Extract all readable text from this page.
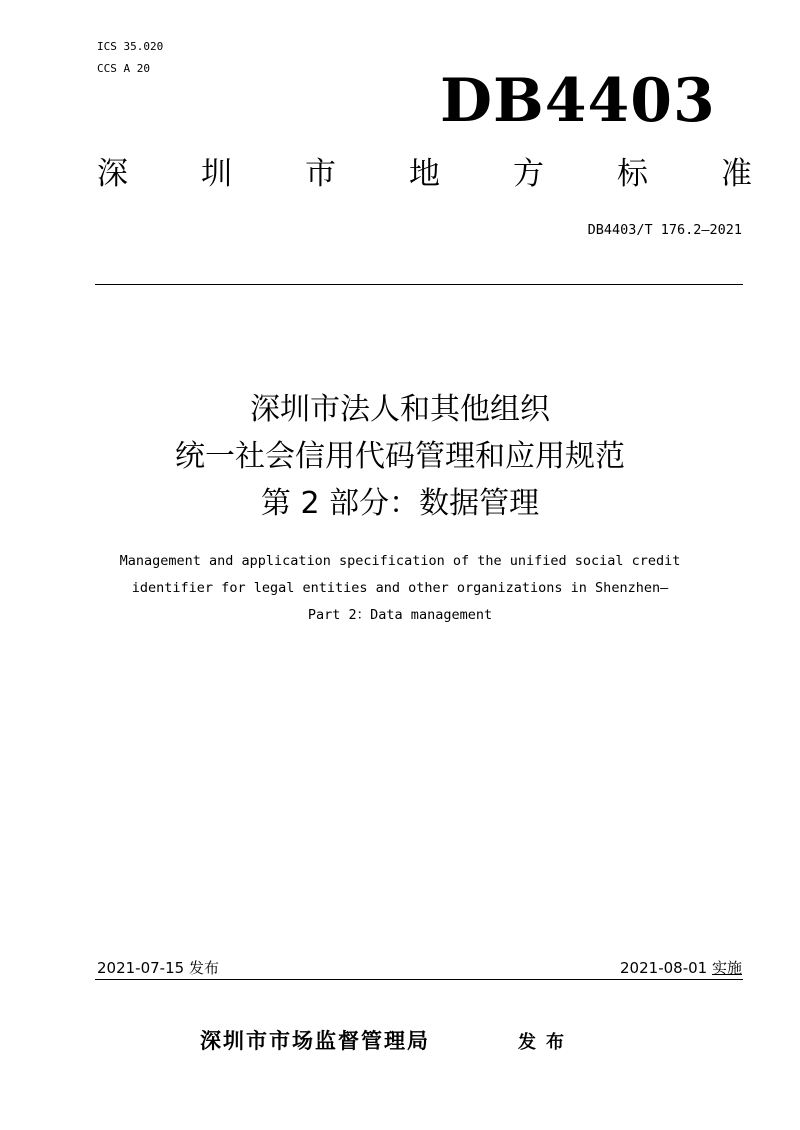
ICS 35.020
CCS A 20	DB4403
深 圳 市 地 方 标 准
DB4403/T 176.2—2021
深圳市法人和其他组织
统一社会信用代码管理和应用规范
第 2 部分：数据管理
Management and application specification of the unified social credit
identifier for legal entities and other organizations in Shenzhen—
Part 2：Data management
2021-07-15 发布	2021-08-01 实施
深圳市市场监督管理局	发布
